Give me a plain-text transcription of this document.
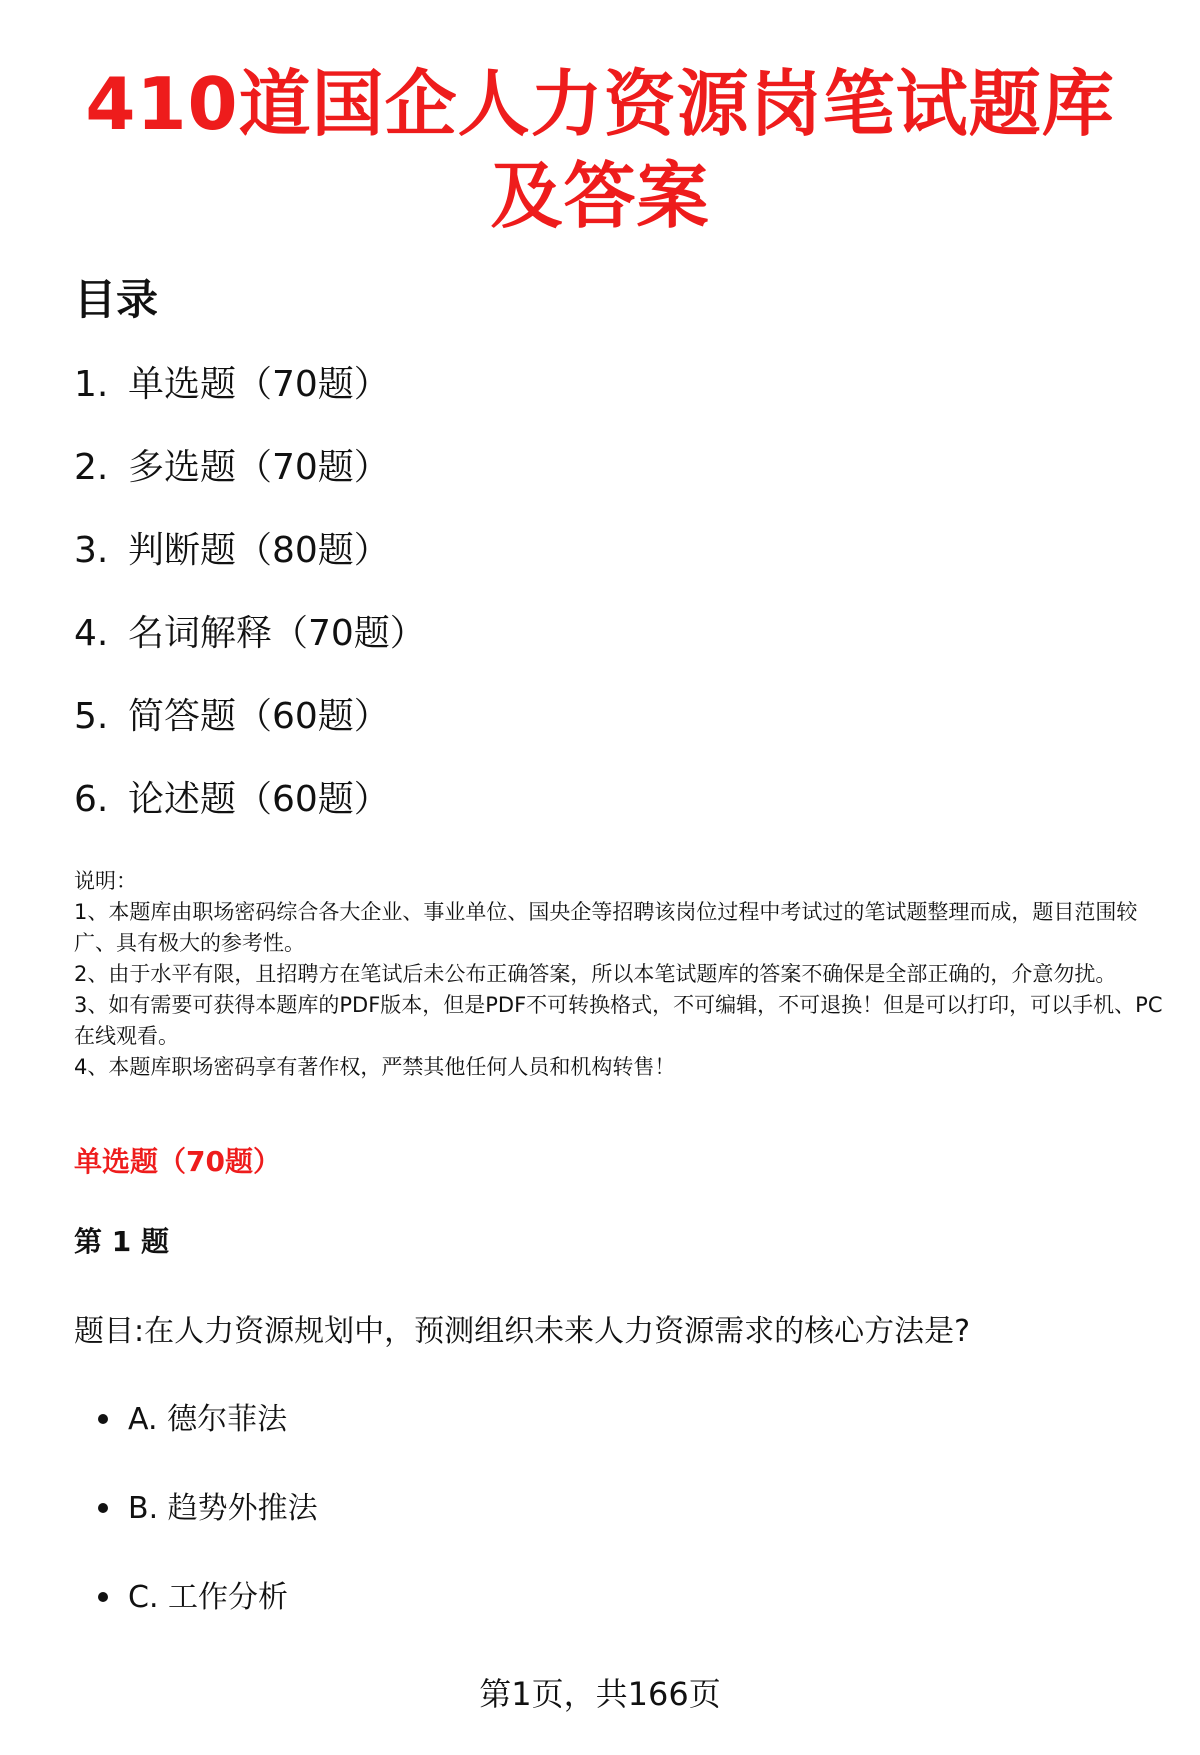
410道国企人力资源岗笔试题库及答案
目录
1. 单选题（70题）
2. 多选题（70题）
3. 判断题（80题）
4. 名词解释（70题）
5. 简答题（60题）
6. 论述题（60题）

说明：

1、本题库由职场密码综合各大企业、事业单位、国央企等招聘该岗位过程中考试过的笔试题整理而成，题目范围较广、具有极大的参考性。

2、由于水平有限，且招聘方在笔试后未公布正确答案，所以本笔试题库的答案不确保是全部正确的，介意勿扰。

3、如有需要可获得本题库的PDF版本，但是PDF不可转换格式，不可编辑，不可退换！但是可以打印，可以手机、PC在线观看。

4、本题库职场密码享有著作权，严禁其他任何人员和机构转售！

单选题（70题）
第 1 题

题目:在人力资源规划中，预测组织未来人力资源需求的核心方法是?

A. 德尔菲法
B. 趋势外推法
C. 工作分析
第1页，共166页
